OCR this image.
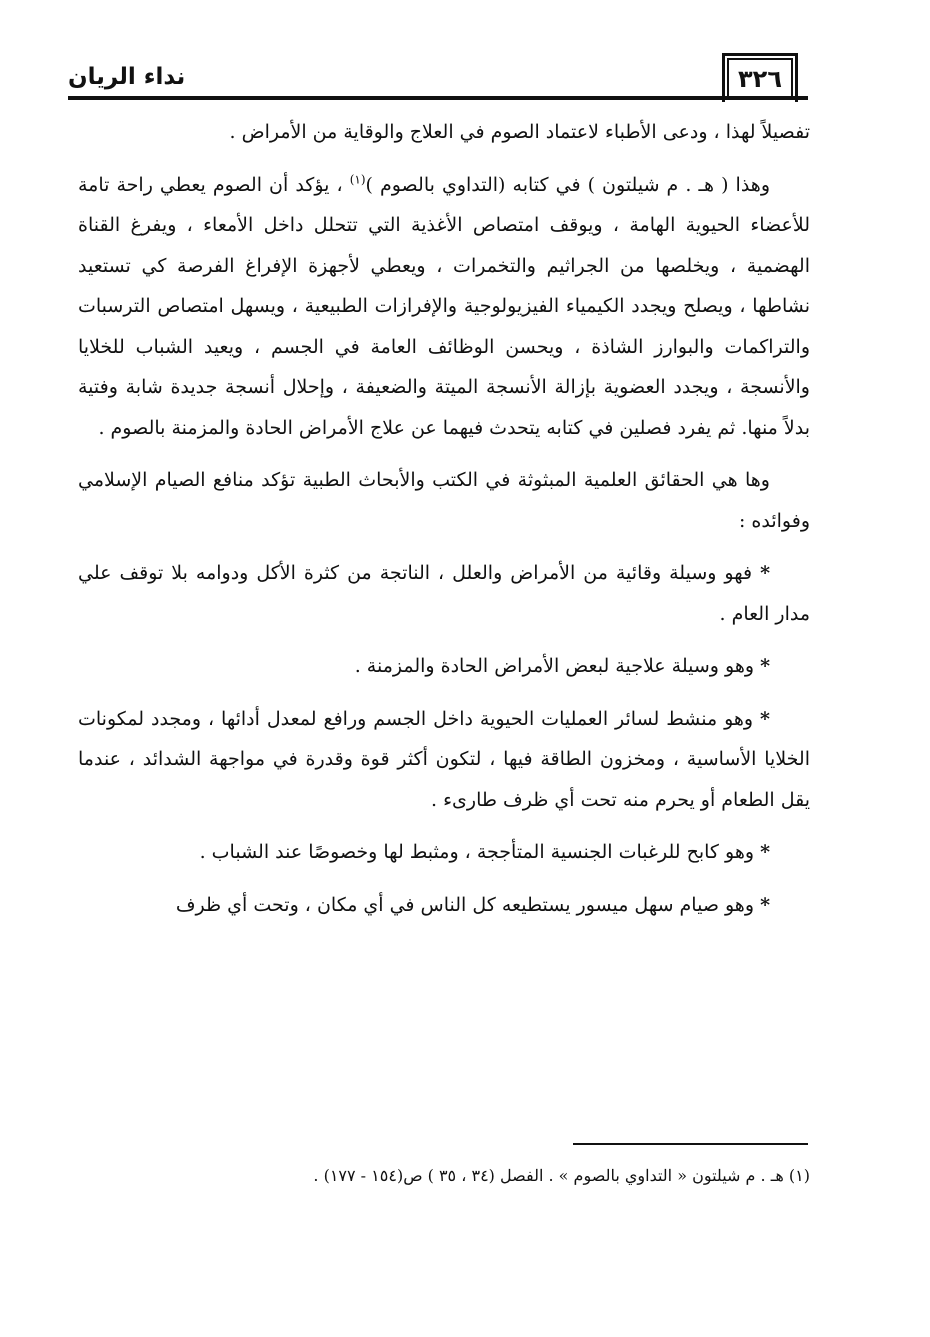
نداء الريان	٣٢٦

تفصيلاً لهذا ، ودعى الأطباء لاعتماد الصوم في العلاج والوقاية من الأمراض .

وهذا ( هـ . م شيلتون ) في كتابه (التداوي بالصوم )$^{(١)}$ ، يؤكد أن الصوم يعطي راحة تامة للأعضاء الحيوية الهامة ، ويوقف امتصاص الأغذية التي تتحلل داخل الأمعاء ، ويفرغ القناة الهضمية ، ويخلصها من الجراثيم والتخمرات ، ويعطي لأجهزة الإفراغ الفرصة كي تستعيد نشاطها ، ويصلح ويجدد الكيمياء الفيزيولوجية والإفرازات الطبيعية ، ويسهل امتصاص الترسبات والتراكمات والبوارز الشاذة ، ويحسن الوظائف العامة في الجسم ، ويعيد الشباب للخلايا والأنسجة ، ويجدد العضوية بإزالة الأنسجة الميتة والضعيفة ، وإحلال أنسجة جديدة شابة وفتية بدلاً منها. ثم يفرد فصلين في كتابه يتحدث فيهما عن علاج الأمراض الحادة والمزمنة بالصوم .

وها هي الحقائق العلمية المبثوثة في الكتب والأبحاث الطبية تؤكد منافع الصيام الإسلامي وفوائده :

* فهو وسيلة وقائية من الأمراض والعلل ، الناتجة من كثرة الأكل ودوامه بلا توقف علي مدار العام .

* وهو وسيلة علاجية لبعض الأمراض الحادة والمزمنة .

* وهو منشط لسائر العمليات الحيوية داخل الجسم ورافع لمعدل أدائها ، ومجدد لمكونات الخلايا الأساسية ، ومخزون الطاقة فيها ، لتكون أكثر قوة وقدرة في مواجهة الشدائد ، عندما يقل الطعام أو يحرم منه تحت أي ظرف طارىء .

* وهو كابح للرغبات الجنسية المتأججة ، ومثبط لها وخصوصًا عند الشباب .

* وهو صيام سهل ميسور يستطيعه كل الناس في أي مكان ، وتحت أي ظرف

(١) هـ . م شيلتون « التداوي بالصوم » . الفصل (٣٤ ، ٣٥ ) ص(١٥٤ - ١٧٧) .
